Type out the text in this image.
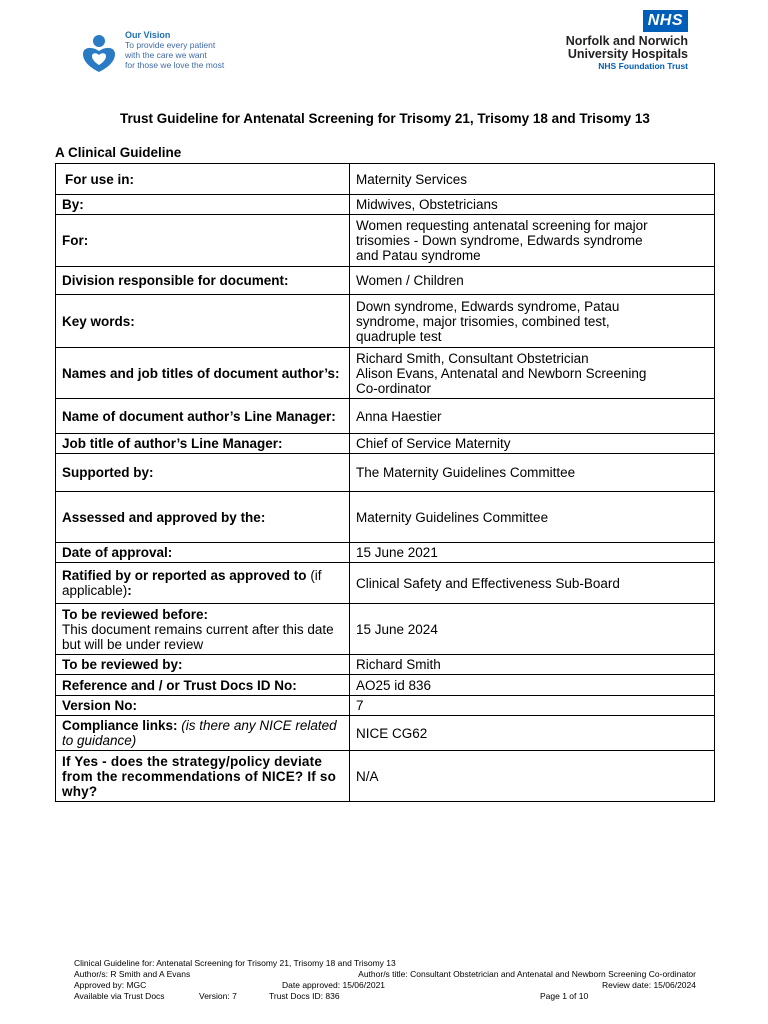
Our Vision
To provide every patient
with the care we want
for those we love the most
NHS
Norfolk and Norwich
University Hospitals
NHS Foundation Trust
Trust Guideline for Antenatal Screening for Trisomy 21, Trisomy 18 and Trisomy 13
A Clinical Guideline
For use in:	Maternity Services

By:	Midwives, Obstetricians

For:	Women requesting antenatal screening for major
trisomies - Down syndrome, Edwards syndrome
and Patau syndrome

Division responsible for document:	Women / Children

Key words:	Down syndrome, Edwards syndrome, Patau
syndrome, major trisomies, combined test,
quadruple test

Names and job titles of document author’s:	Richard Smith, Consultant Obstetrician
Alison Evans, Antenatal and Newborn Screening
Co-ordinator

Name of document author’s Line Manager:	Anna Haestier

Job title of author’s Line Manager:	Chief of Service Maternity

Supported by:	The Maternity Guidelines Committee

Assessed and approved by the:	Maternity Guidelines Committee

Date of approval:	15 June 2021

Ratified by or reported as approved to (if applicable):	Clinical Safety and Effectiveness Sub-Board

To be reviewed before:
This document remains current after this date but will be under review	15 June 2024

To be reviewed by:	Richard Smith

Reference and / or Trust Docs ID No:	AO25 id 836

Version No:	7

Compliance links: (is there any NICE related to guidance)	NICE CG62

If Yes - does the strategy/policy deviate from the recommendations of NICE? If so why?	N/A
Clinical Guideline for: Antenatal Screening for Trisomy 21, Trisomy 18 and Trisomy 13
Author/s: R Smith and A Evans	Author/s title: Consultant Obstetrician and Antenatal and Newborn Screening Co-ordinator
Approved by: MGC	Date approved: 15/06/2021	Review date: 15/06/2024
Available via Trust Docs	Version: 7	Trust Docs ID: 836	Page 1 of 10
